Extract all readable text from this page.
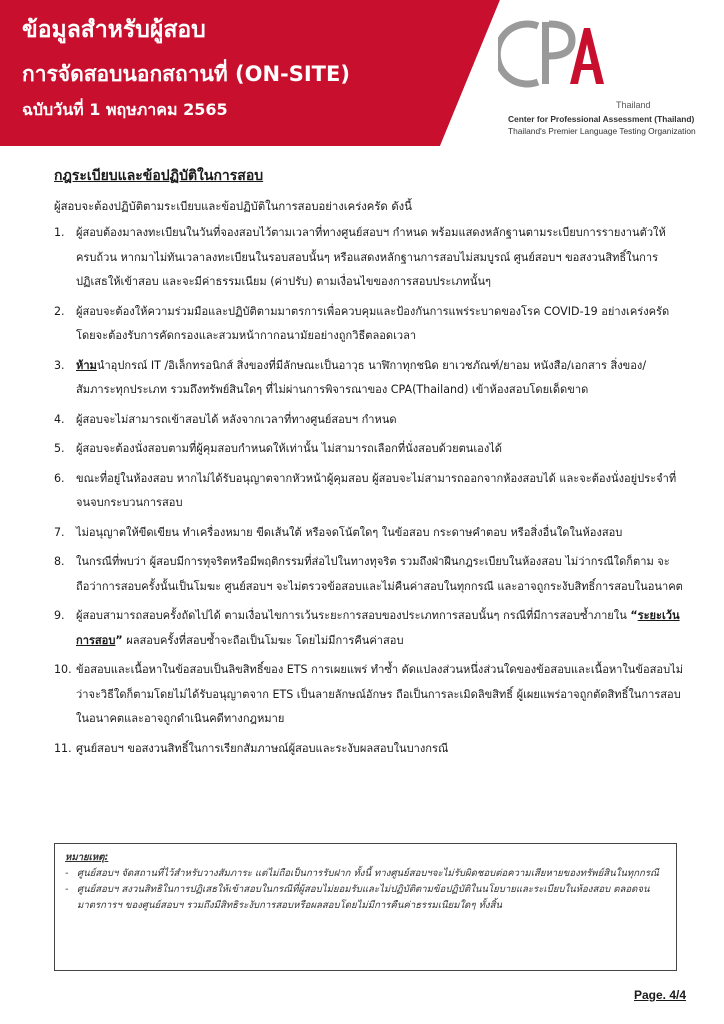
ข้อมูลสำหรับผู้สอบ
การจัดสอบนอกสถานที่ (ON-SITE)
ฉบับวันที่ 1 พฤษภาคม 2565	Thailand
Center for Professional Assessment (Thailand)
Thailand's Premier Language Testing Organization
กฎระเบียบและข้อปฏิบัติในการสอบ
ผู้สอบจะต้องปฏิบัติตามระเบียบและข้อปฏิบัติในการสอบอย่างเคร่งครัด ดังนี้
1. ผู้สอบต้องมาลงทะเบียนในวันที่จองสอบไว้ตามเวลาที่ทางศูนย์สอบฯ กำหนด พร้อมแสดงหลักฐานตามระเบียบการรายงานตัวให้ครบถ้วน หากมาไม่ทันเวลาลงทะเบียนในรอบสอบนั้นๆ หรือแสดงหลักฐานการสอบไม่สมบูรณ์ ศูนย์สอบฯ ขอสงวนสิทธิ์ในการปฏิเสธให้เข้าสอบ และจะมีค่าธรรมเนียม (ค่าปรับ) ตามเงื่อนไขของการสอบประเภทนั้นๆ
2. ผู้สอบจะต้องให้ความร่วมมือและปฏิบัติตามมาตรการเพื่อควบคุมและป้องกันการแพร่ระบาดของโรค COVID-19 อย่างเคร่งครัด โดยจะต้องรับการคัดกรองและสวมหน้ากากอนามัยอย่างถูกวิธีตลอดเวลา
3. ห้ามนำอุปกรณ์ IT /อิเล็กทรอนิกส์ สิ่งของที่มีลักษณะเป็นอาวุธ นาฬิกาทุกชนิด ยาเวชภัณฑ์/ยาอม หนังสือ/เอกสาร สิ่งของ/สัมภาระทุกประเภท รวมถึงทรัพย์สินใดๆ ที่ไม่ผ่านการพิจารณาของ CPA(Thailand) เข้าห้องสอบโดยเด็ดขาด
4. ผู้สอบจะไม่สามารถเข้าสอบได้ หลังจากเวลาที่ทางศูนย์สอบฯ กำหนด
5. ผู้สอบจะต้องนั่งสอบตามที่ผู้คุมสอบกำหนดให้เท่านั้น ไม่สามารถเลือกที่นั่งสอบด้วยตนเองได้
6. ขณะที่อยู่ในห้องสอบ หากไม่ได้รับอนุญาตจากหัวหน้าผู้คุมสอบ ผู้สอบจะไม่สามารถออกจากห้องสอบได้ และจะต้องนั่งอยู่ประจำที่จนจบกระบวนการสอบ
7. ไม่อนุญาตให้ขีดเขียน ทำเครื่องหมาย ขีดเส้นใต้ หรือจดโน้ตใดๆ ในข้อสอบ กระดาษคำตอบ หรือสิ่งอื่นใดในห้องสอบ
8. ในกรณีที่พบว่า ผู้สอบมีการทุจริตหรือมีพฤติกรรมที่ส่อไปในทางทุจริต รวมถึงฝ่าฝืนกฎระเบียบในห้องสอบ ไม่ว่ากรณีใดก็ตาม จะถือว่าการสอบครั้งนั้นเป็นโมฆะ ศูนย์สอบฯ จะไม่ตรวจข้อสอบและไม่คืนค่าสอบในทุกกรณี และอาจถูกระงับสิทธิ์การสอบในอนาคต
9. ผู้สอบสามารถสอบครั้งถัดไปได้ ตามเงื่อนไขการเว้นระยะการสอบของประเภทการสอบนั้นๆ กรณีที่มีการสอบซ้ำภายใน “ระยะเว้นการสอบ” ผลสอบครั้งที่สอบซ้ำจะถือเป็นโมฆะ โดยไม่มีการคืนค่าสอบ
10. ข้อสอบและเนื้อหาในข้อสอบเป็นลิขสิทธิ์ของ ETS การเผยแพร่ ทำซ้ำ ดัดแปลงส่วนหนึ่งส่วนใดของข้อสอบและเนื้อหาในข้อสอบไม่ว่าจะวิธีใดก็ตามโดยไม่ได้รับอนุญาตจาก ETS เป็นลายลักษณ์อักษร ถือเป็นการละเมิดลิขสิทธิ์ ผู้เผยแพร่อาจถูกตัดสิทธิ์ในการสอบในอนาคตและอาจถูกดำเนินคดีทางกฎหมาย
11. ศูนย์สอบฯ ขอสงวนสิทธิ์ในการเรียกสัมภาษณ์ผู้สอบและระงับผลสอบในบางกรณี
หมายเหตุ:
- ศูนย์สอบฯ จัดสถานที่ไว้สำหรับวางสัมภาระ แต่ไม่ถือเป็นการรับฝาก ทั้งนี้ ทางศูนย์สอบฯจะไม่รับผิดชอบต่อความเสียหายของทรัพย์สินในทุกกรณี
- ศูนย์สอบฯ สงวนสิทธิในการปฏิเสธให้เข้าสอบในกรณีที่ผู้สอบไม่ยอมรับและไม่ปฏิบัติตามข้อปฏิบัติในนโยบายและระเบียบในห้องสอบ ตลอดจนมาตรการฯ ของศูนย์สอบฯ รวมถึงมีสิทธิระงับการสอบหรือผลสอบโดยไม่มีการคืนค่าธรรมเนียมใดๆ ทั้งสิ้น
Page. 4/4
